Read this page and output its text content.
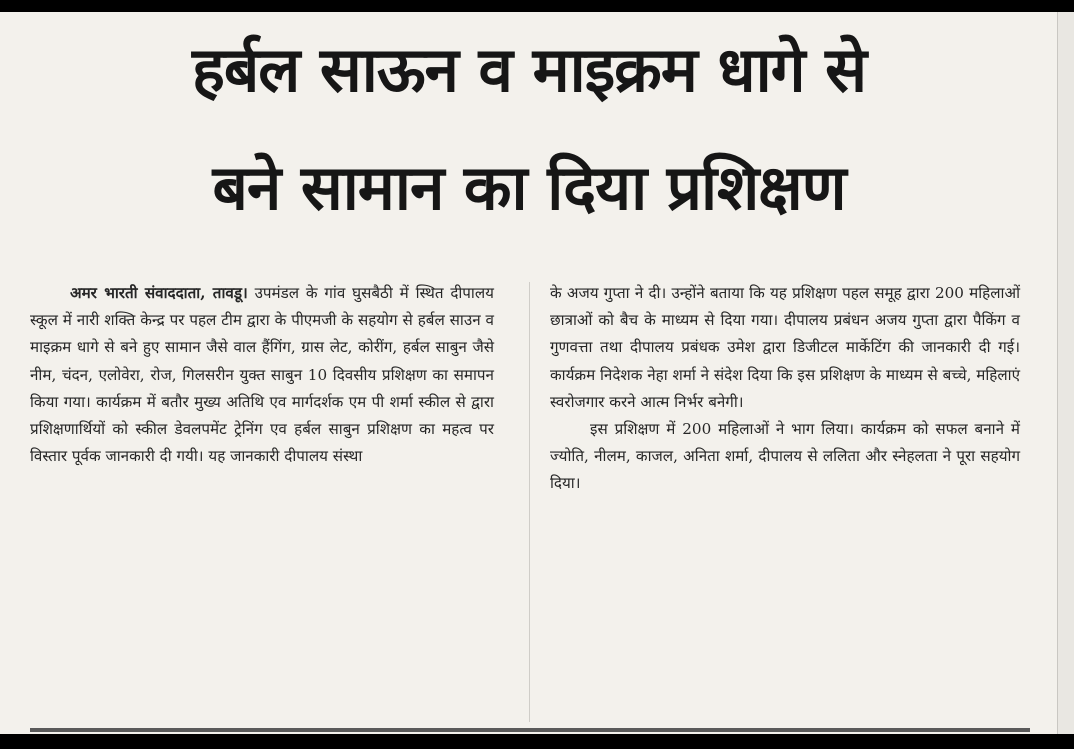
हर्बल साऊन व माइक्रम धागे से
बने सामान का दिया प्रशिक्षण

अमर भारती संवाददाता, तावडू। उपमंडल के गांव घुसबैठी में स्थित दीपालय स्कूल में नारी शक्ति केन्द्र पर पहल टीम द्वारा के पीएमजी के सहयोग से हर्बल साउन व माइक्रम धागे से बने हुए सामान जैसे वाल हैंगिंग, ग्रास लेट, कोरींग, हर्बल साबुन जैसे नीम, चंदन, एलोवेरा, रोज, गिलसरीन युक्त साबुन 10 दिवसीय प्रशिक्षण का समापन किया गया। कार्यक्रम में बतौर मुख्य अतिथि एव मार्गदर्शक एम पी शर्मा स्कील से द्वारा प्रशिक्षणार्थियों को स्कील डेवलपमेंट ट्रेनिंग एव हर्बल साबुन प्रशिक्षण का महत्व पर विस्तार पूर्वक जानकारी दी गयी। यह जानकारी दीपालय संस्था

के अजय गुप्ता ने दी। उन्होंने बताया कि यह प्रशिक्षण पहल समूह द्वारा 200 महिलाओं छात्राओं को बैच के माध्यम से दिया गया। दीपालय प्रबंधन अजय गुप्ता द्वारा पैकिंग व गुणवत्ता तथा दीपालय प्रबंधक उमेश द्वारा डिजीटल मार्केटिंग की जानकारी दी गई। कार्यक्रम निदेशक नेहा शर्मा ने संदेश दिया कि इस प्रशिक्षण के माध्यम से बच्चे, महिलाएं स्वरोजगार करने आत्म निर्भर बनेगी।

इस प्रशिक्षण में 200 महिलाओं ने भाग लिया। कार्यक्रम को सफल बनाने में ज्योति, नीलम, काजल, अनिता शर्मा, दीपालय से ललिता और स्नेहलता ने पूरा सहयोग दिया।
